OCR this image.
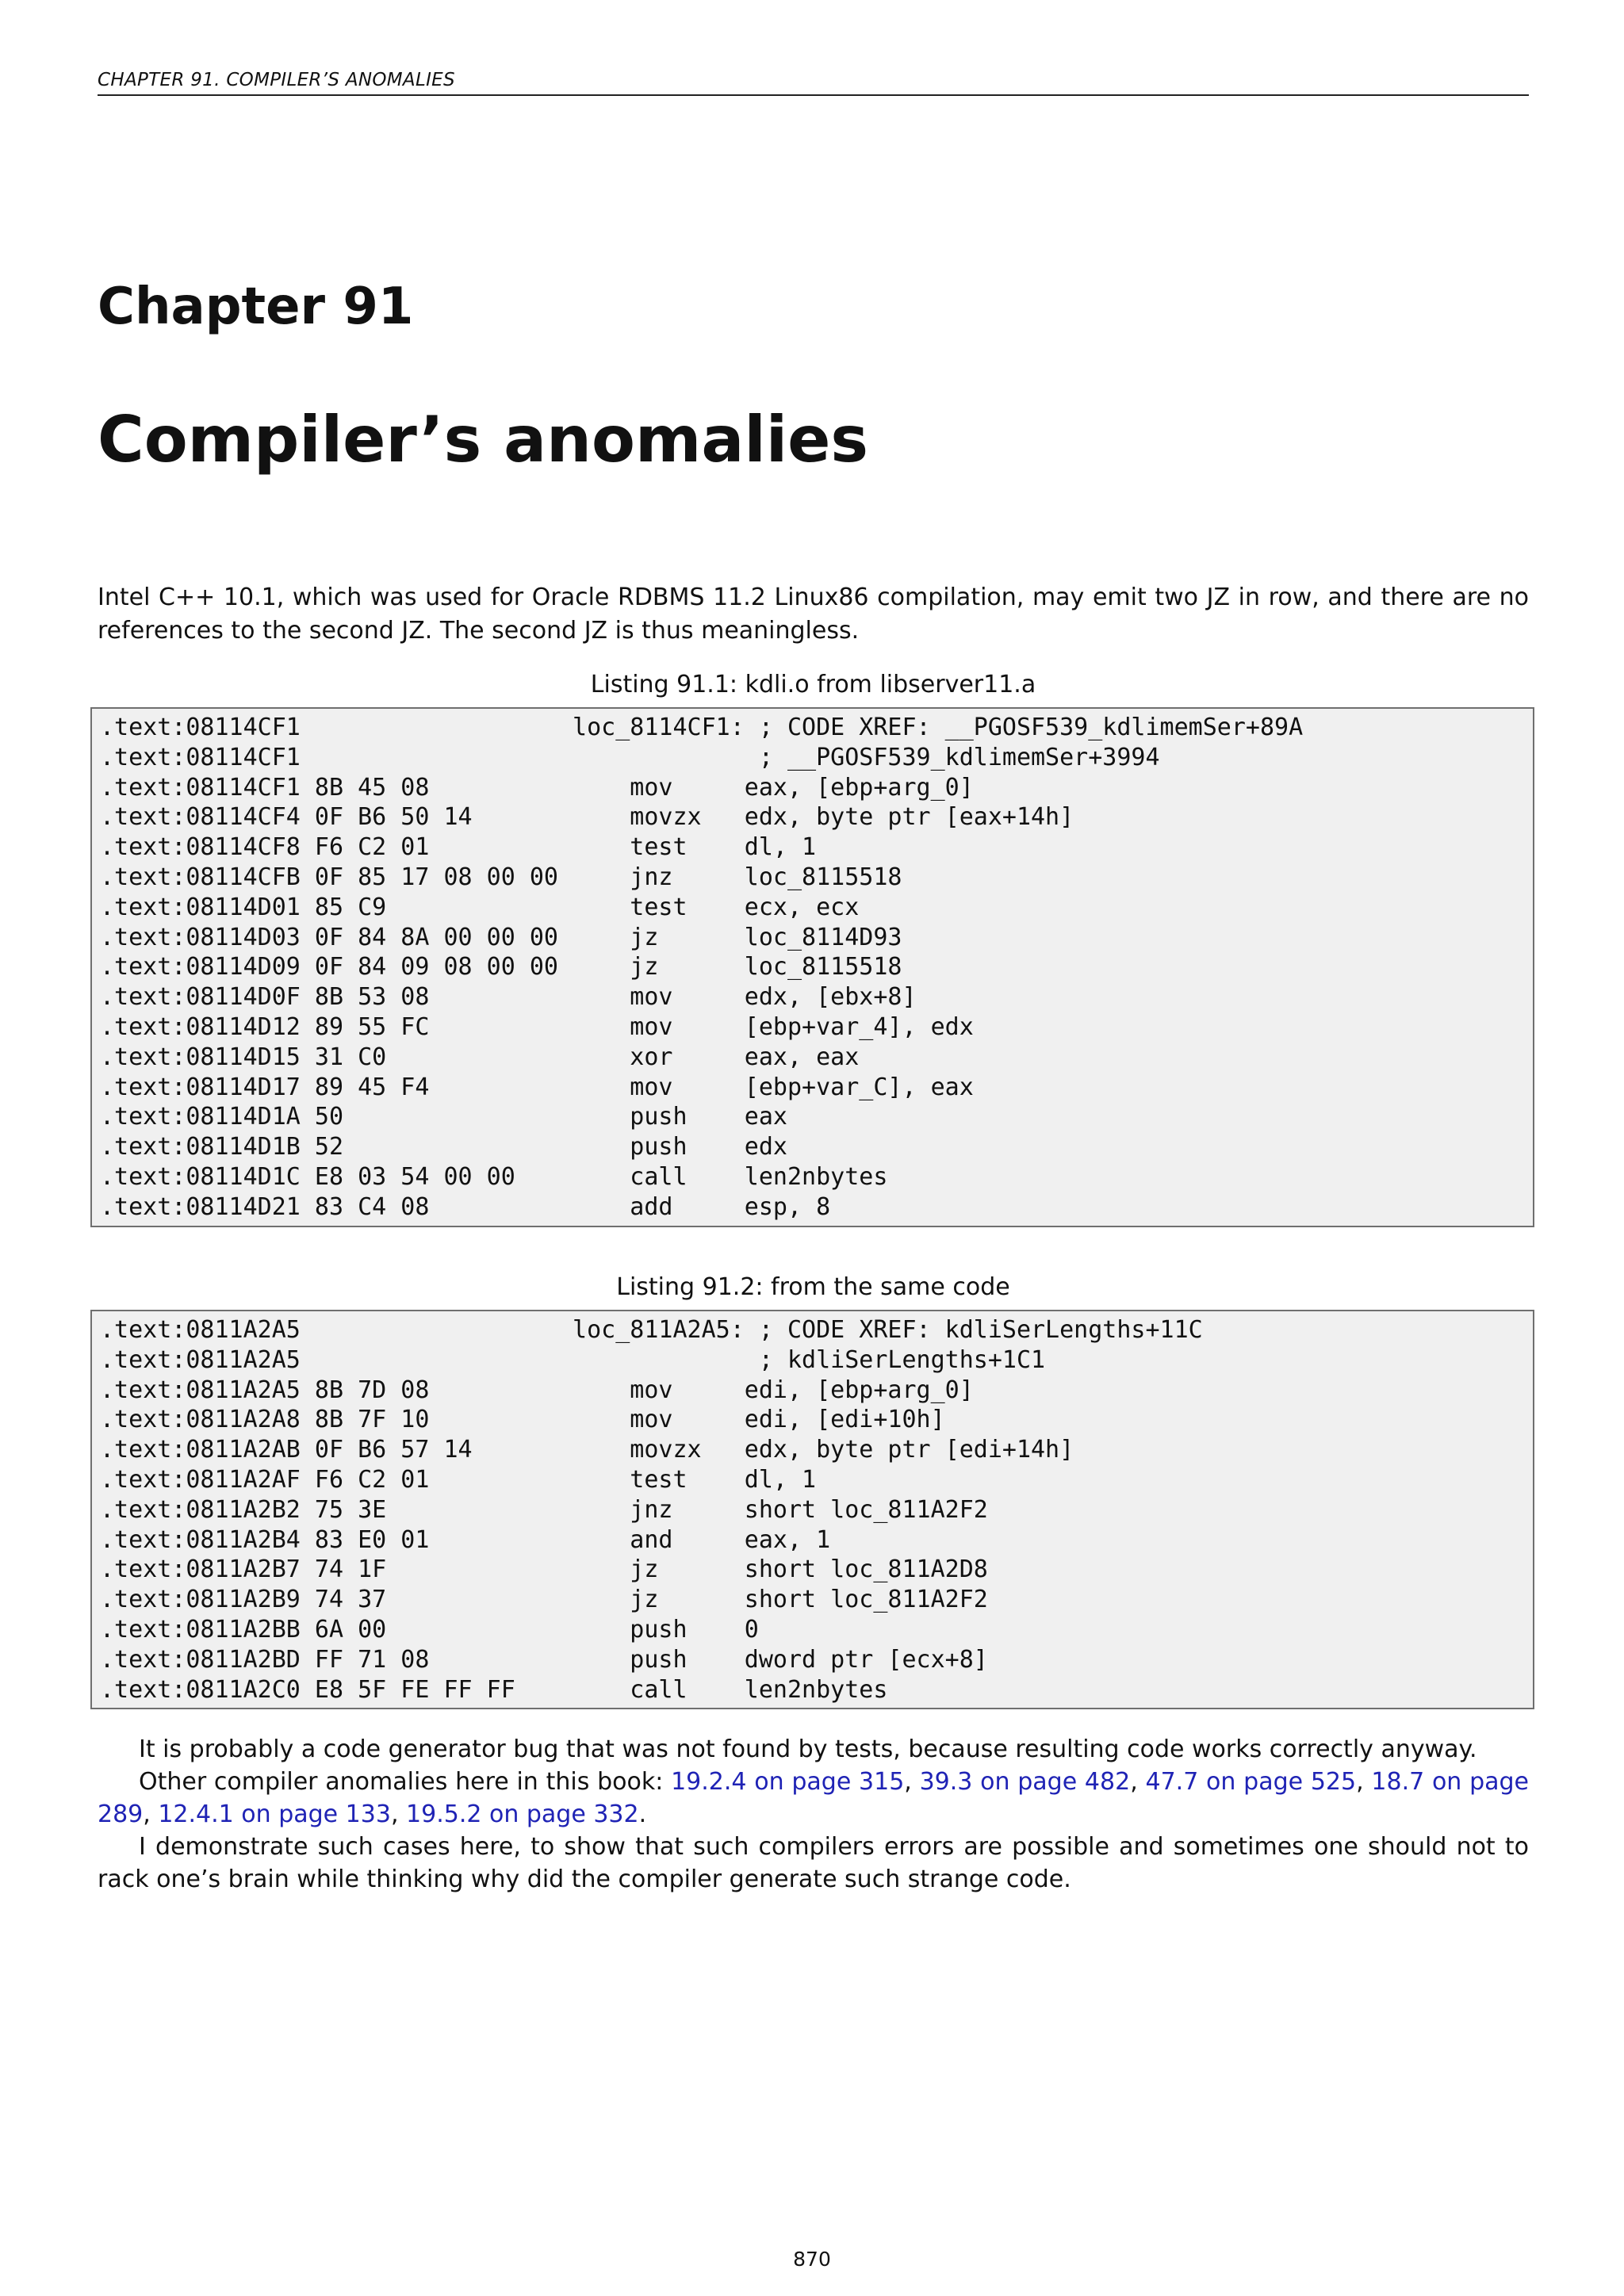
CHAPTER 91. COMPILER’S ANOMALIES
Chapter 91
Compiler’s anomalies

Intel C++ 10.1, which was used for Oracle RDBMS 11.2 Linux86 compilation, may emit two JZ in row, and there are no references to the second JZ. The second JZ is thus meaningless.

Listing 91.1: kdli.o from libserver11.a

.text:08114CF1                   loc_8114CF1: ; CODE XREF: __PGOSF539_kdlimemSer+89A
.text:08114CF1                                ; __PGOSF539_kdlimemSer+3994
.text:08114CF1 8B 45 08              mov     eax, [ebp+arg_0]
.text:08114CF4 0F B6 50 14           movzx   edx, byte ptr [eax+14h]
.text:08114CF8 F6 C2 01              test    dl, 1
.text:08114CFB 0F 85 17 08 00 00     jnz     loc_8115518
.text:08114D01 85 C9                 test    ecx, ecx
.text:08114D03 0F 84 8A 00 00 00     jz      loc_8114D93
.text:08114D09 0F 84 09 08 00 00     jz      loc_8115518
.text:08114D0F 8B 53 08              mov     edx, [ebx+8]
.text:08114D12 89 55 FC              mov     [ebp+var_4], edx
.text:08114D15 31 C0                 xor     eax, eax
.text:08114D17 89 45 F4              mov     [ebp+var_C], eax
.text:08114D1A 50                    push    eax
.text:08114D1B 52                    push    edx
.text:08114D1C E8 03 54 00 00        call    len2nbytes
.text:08114D21 83 C4 08              add     esp, 8

Listing 91.2: from the same code

.text:0811A2A5                   loc_811A2A5: ; CODE XREF: kdliSerLengths+11C
.text:0811A2A5                                ; kdliSerLengths+1C1
.text:0811A2A5 8B 7D 08              mov     edi, [ebp+arg_0]
.text:0811A2A8 8B 7F 10              mov     edi, [edi+10h]
.text:0811A2AB 0F B6 57 14           movzx   edx, byte ptr [edi+14h]
.text:0811A2AF F6 C2 01              test    dl, 1
.text:0811A2B2 75 3E                 jnz     short loc_811A2F2
.text:0811A2B4 83 E0 01              and     eax, 1
.text:0811A2B7 74 1F                 jz      short loc_811A2D8
.text:0811A2B9 74 37                 jz      short loc_811A2F2
.text:0811A2BB 6A 00                 push    0
.text:0811A2BD FF 71 08              push    dword ptr [ecx+8]
.text:0811A2C0 E8 5F FE FF FF        call    len2nbytes

It is probably a code generator bug that was not found by tests, because resulting code works correctly anyway.

Other compiler anomalies here in this book: 19.2.4 on page 315, 39.3 on page 482, 47.7 on page 525, 18.7 on page 289, 12.4.1 on page 133, 19.5.2 on page 332.

I demonstrate such cases here, to show that such compilers errors are possible and sometimes one should not to rack one’s brain while thinking why did the compiler generate such strange code.

870
